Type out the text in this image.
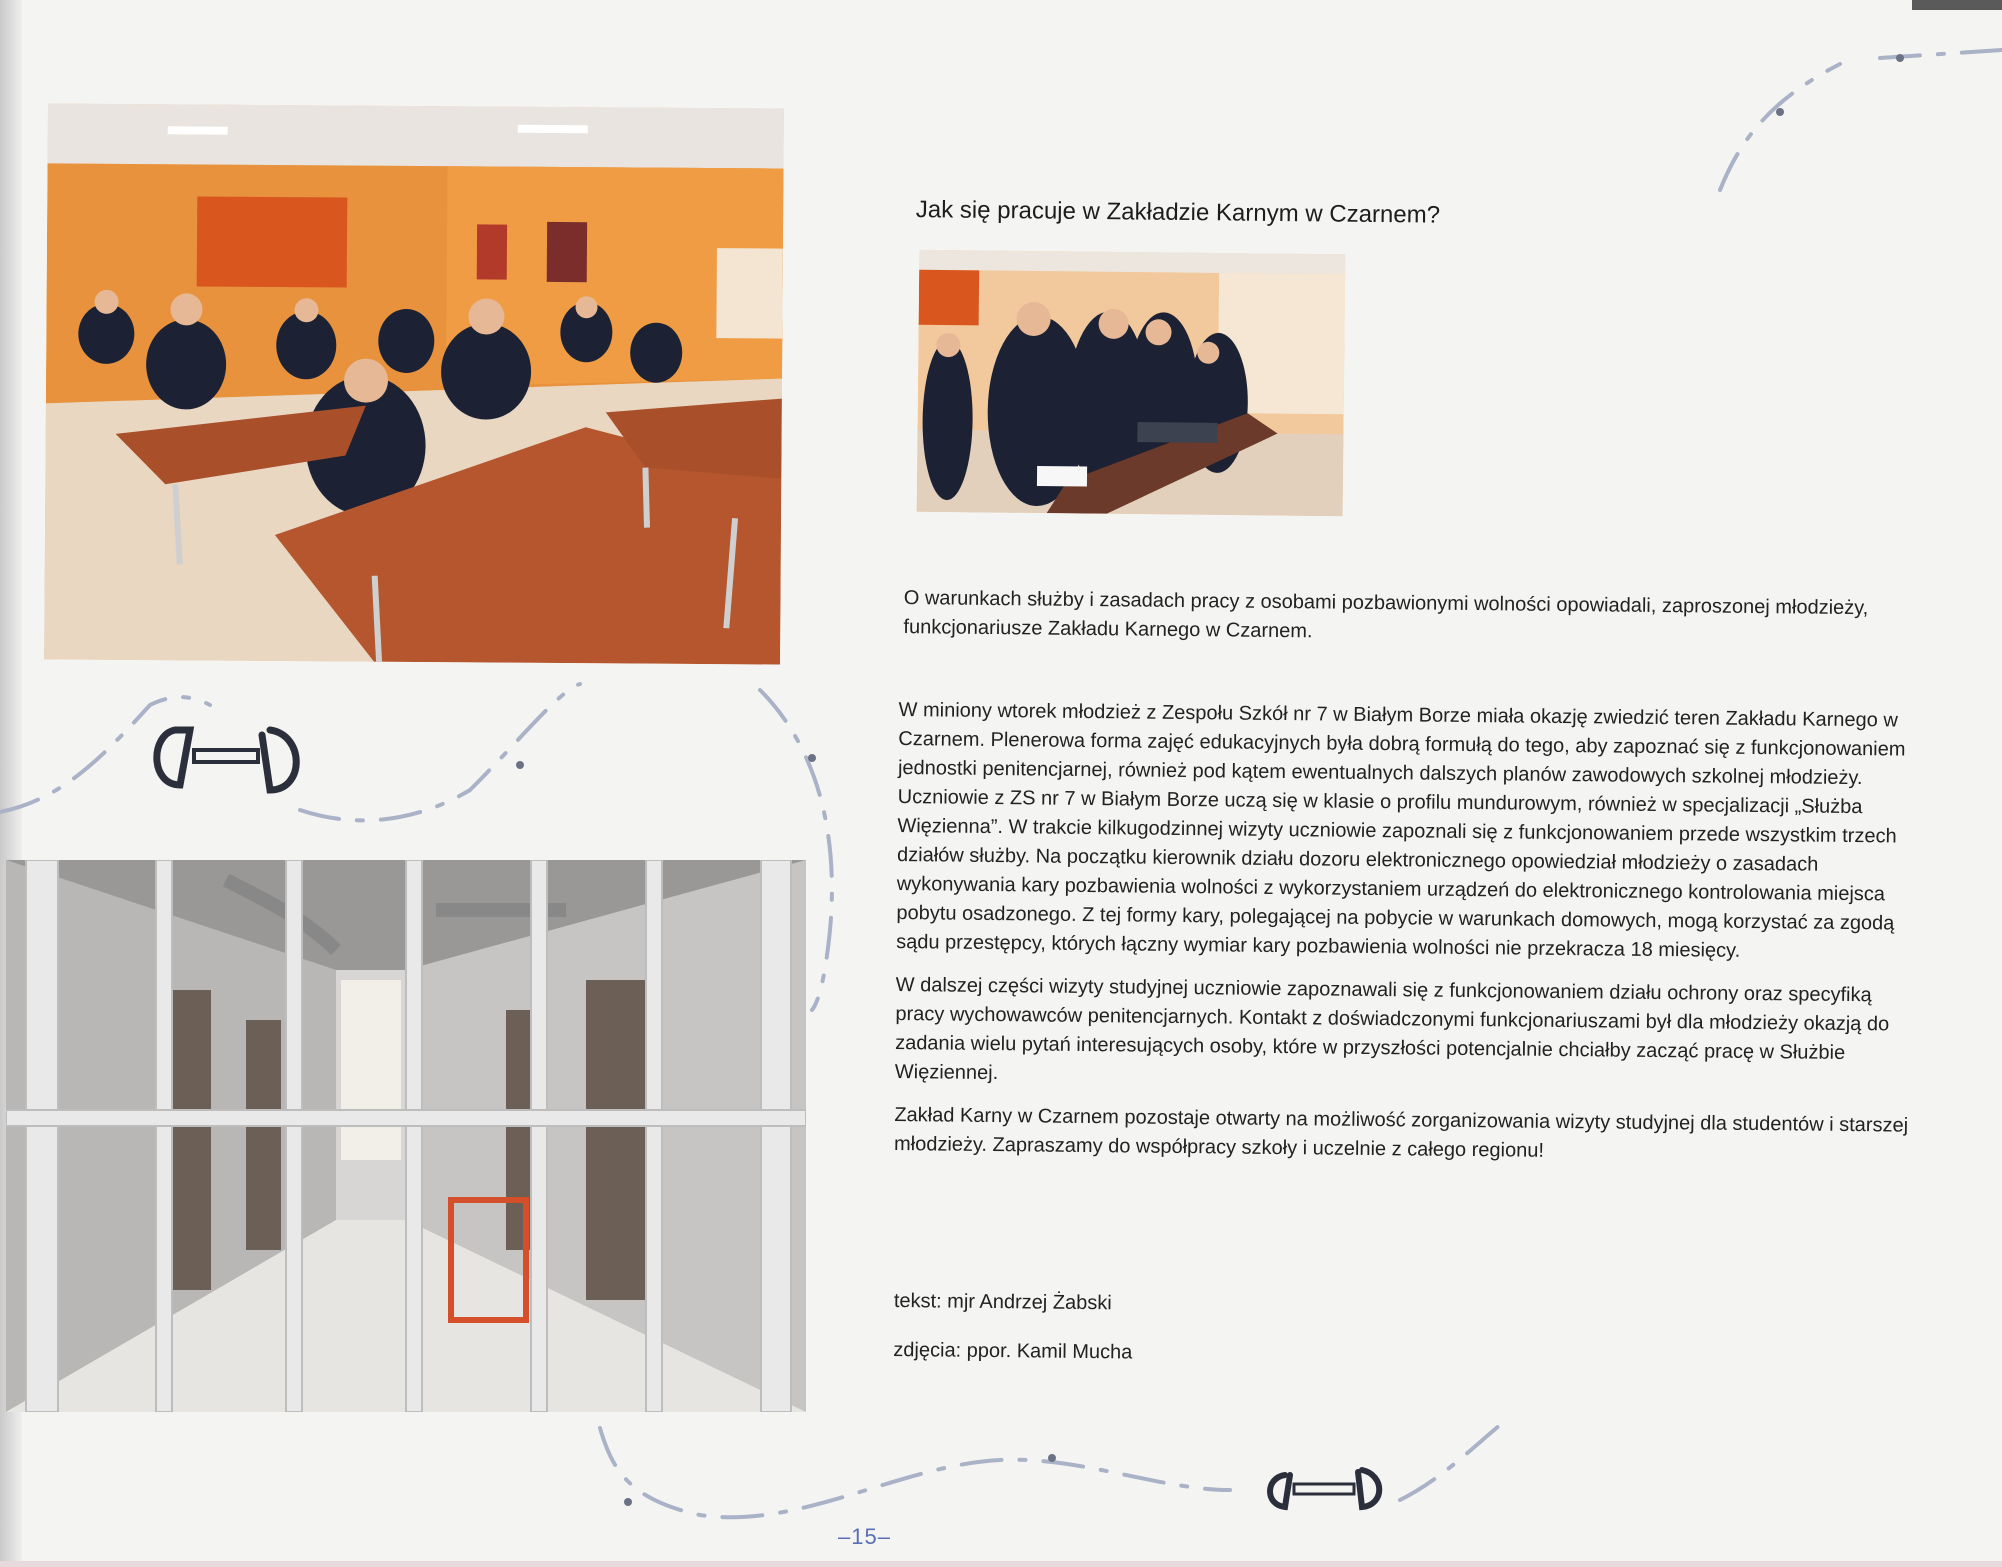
Jak się pracuje w Zakładzie Karnym w Czarnem?

O warunkach służby i zasadach pracy z osobami pozbawionymi wolności opowiadali, zaproszonej młodzieży, funkcjonariusze Zakładu Karnego w Czarnem.

W miniony wtorek młodzież z Zespołu Szkół nr 7 w Białym Borze miała okazję zwiedzić teren Zakładu Karnego w Czarnem. Plenerowa forma zajęć edukacyjnych była dobrą formułą do tego, aby zapoznać się z funkcjonowaniem jednostki penitencjarnej, również pod kątem ewentualnych dalszych planów zawodowych szkolnej młodzieży. Uczniowie z ZS nr 7 w Białym Borze uczą się w klasie o profilu mundurowym, również w specjalizacji „Służba Więzienna”. W trakcie kilkugodzinnej wizyty uczniowie zapoznali się z funkcjonowaniem przede wszystkim trzech działów służby. Na początku kierownik działu dozoru elektronicznego opowiedział młodzieży o zasadach wykonywania kary pozbawienia wolności z wykorzystaniem urządzeń do elektronicznego kontrolowania miejsca pobytu osadzonego. Z tej formy kary, polegającej na pobycie w warunkach domowych, mogą korzystać za zgodą sądu przestępcy, których łączny wymiar kary pozbawienia wolności nie przekracza 18 miesięcy.

W dalszej części wizyty studyjnej uczniowie zapoznawali się z funkcjonowaniem działu ochrony oraz specyfiką pracy wychowawców penitencjarnych. Kontakt z doświadczonymi funkcjonariuszami był dla młodzieży okazją do zadania wielu pytań interesujących osoby, które w przyszłości potencjalnie chciałby zacząć pracę w Służbie Więziennej.

Zakład Karny w Czarnem pozostaje otwarty na możliwość zorganizowania wizyty studyjnej dla studentów i starszej młodzieży. Zapraszamy do współpracy szkoły i uczelnie z całego regionu!

tekst: mjr Andrzej Żabski

zdjęcia: ppor. Kamil Mucha

–15–
